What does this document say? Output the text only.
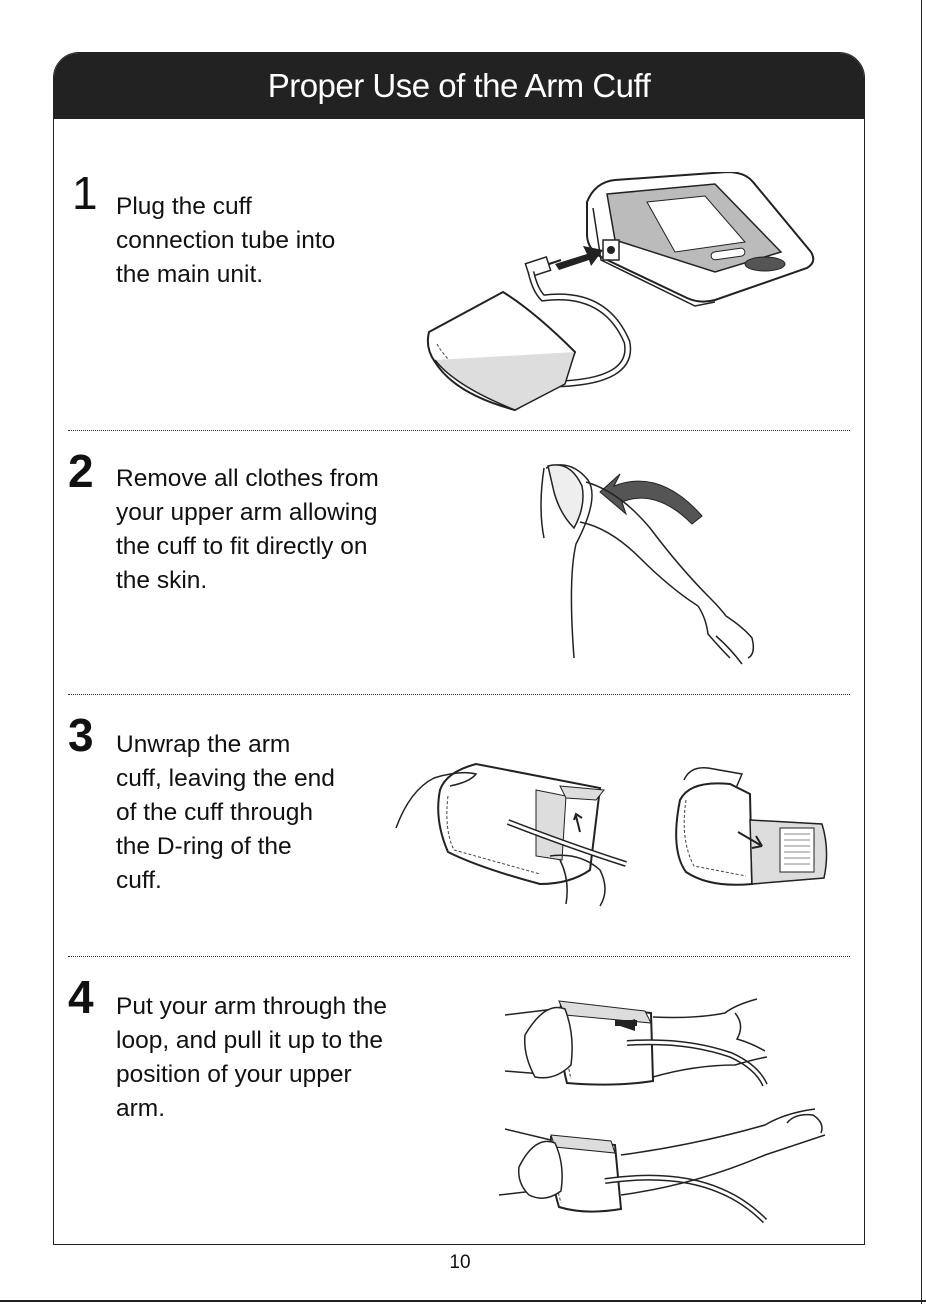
Proper Use of the Arm Cuff
1 Plug the cuff
connection tube into
the main unit.
2 Remove all clothes from
your upper arm allowing
the cuff to fit directly on
the skin.
3 Unwrap the arm
cuff, leaving the end
of the cuff through
the D-ring of the
cuff.
4 Put your arm through the
loop, and pull it up to the
position of your upper
arm.
10
